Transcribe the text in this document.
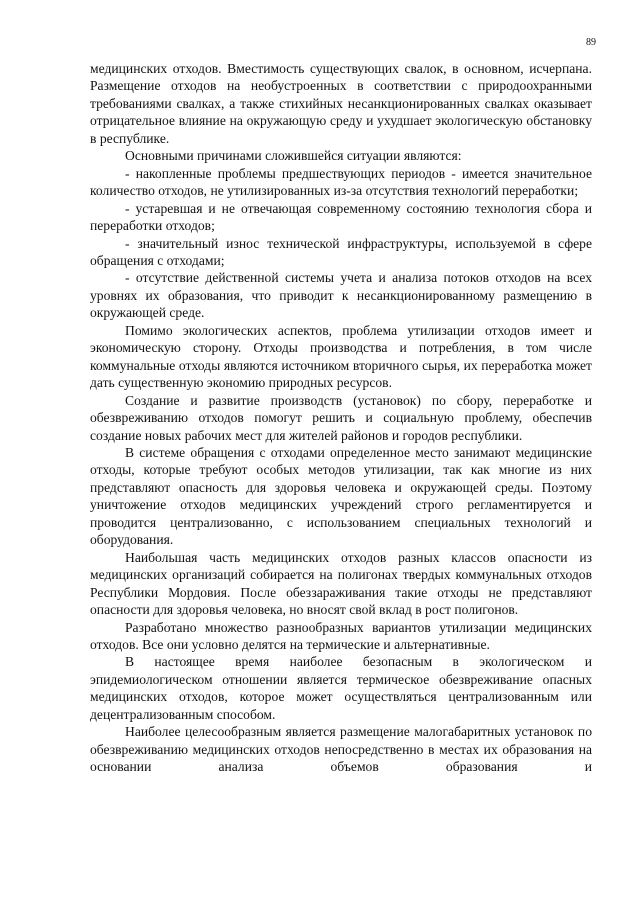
89

медицинских отходов. Вместимость существующих свалок, в основном, исчерпана. Размещение отходов на необустроенных в соответствии с природоохранными требованиями свалках, а также стихийных несанкционированных свалках оказывает отрицательное влияние на окружающую среду и ухудшает экологическую обстановку в республике.

Основными причинами сложившейся ситуации являются:

- накопленные проблемы предшествующих периодов - имеется значительное количество отходов, не утилизированных из-за отсутствия технологий переработки;

- устаревшая и не отвечающая современному состоянию технология сбора и переработки отходов;

- значительный износ технической инфраструктуры, используемой в сфере обращения с отходами;

- отсутствие действенной системы учета и анализа потоков отходов на всех уровнях их образования, что приводит к несанкционированному размещению в окружающей среде.

Помимо экологических аспектов, проблема утилизации отходов имеет и экономическую сторону. Отходы производства и потребления, в том числе коммунальные отходы являются источником вторичного сырья, их переработка может дать существенную экономию природных ресурсов.

Создание и развитие производств (установок) по сбору, переработке и обезвреживанию отходов помогут решить и социальную проблему, обеспечив создание новых рабочих мест для жителей районов и городов республики.

В системе обращения с отходами определенное место занимают медицинские отходы, которые требуют особых методов утилизации, так как многие из них представляют опасность для здоровья человека и окружающей среды. Поэтому уничтожение отходов медицинских учреждений строго регламентируется и проводится централизованно, с использованием специальных технологий и оборудования.

Наибольшая часть медицинских отходов разных классов опасности из медицинских организаций собирается на полигонах твердых коммунальных отходов Республики Мордовия. После обеззараживания такие отходы не представляют опасности для здоровья человека, но вносят свой вклад в рост полигонов.

Разработано множество разнообразных вариантов утилизации медицинских отходов. Все они условно делятся на термические и альтернативные.

В настоящее время наиболее безопасным в экологическом и эпидемиологическом отношении является термическое обезвреживание опасных медицинских отходов, которое может осуществляться централизованным или децентрализованным способом.

Наиболее целесообразным является размещение малогабаритных установок по обезвреживанию медицинских отходов непосредственно в местах их образования на основании анализа объемов образования и
